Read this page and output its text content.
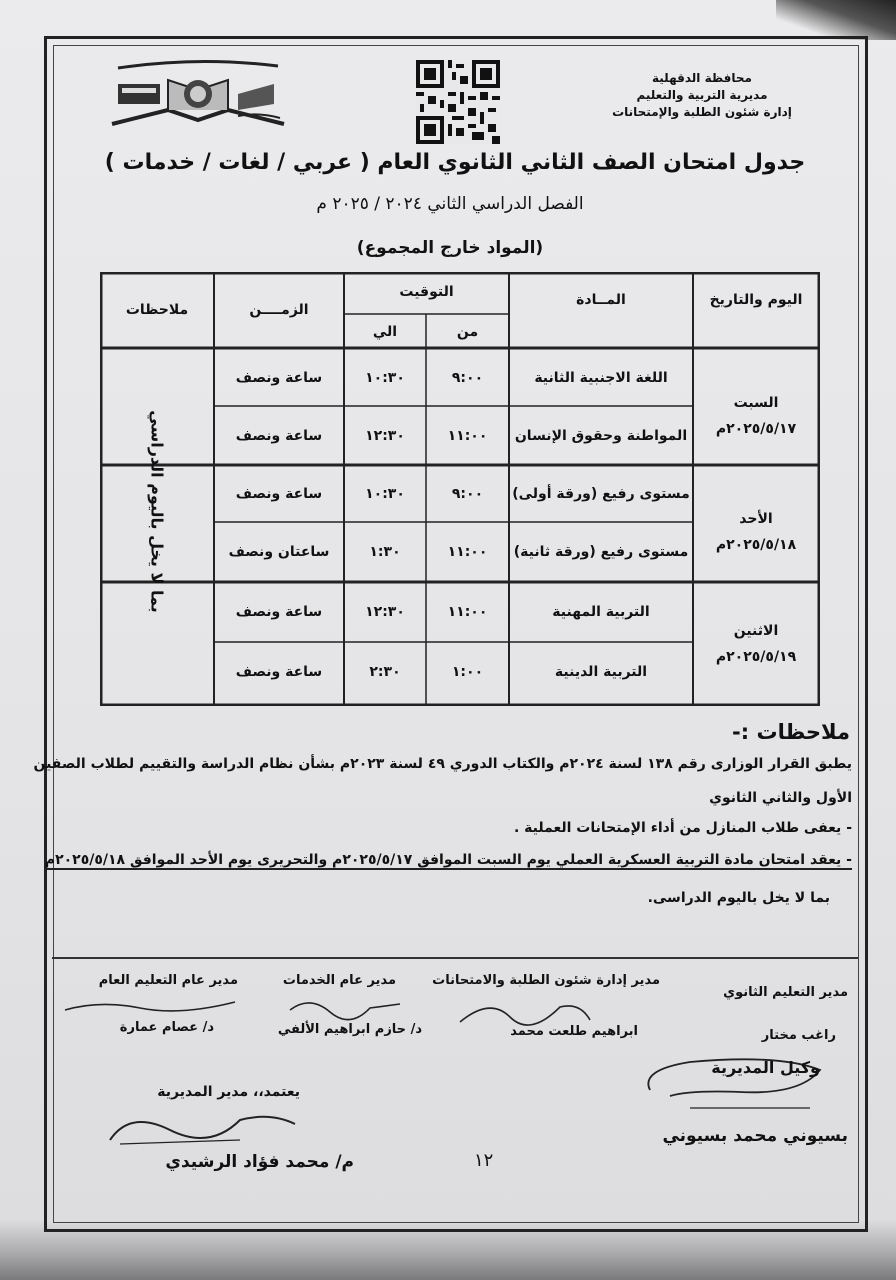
محافظة الدقهلية
مديرية التربية والتعليم
إدارة شئون الطلبة والإمتحانات
جدول امتحان الصف الثاني الثانوي العام ( عربي / لغات / خدمات )
الفصل الدراسي الثاني ٢٠٢٤ / ٢٠٢٥ م
(المواد خارج المجموع)
اليوم والتاريخ
المــادة
التوقيت
من
الي
الزمــــن
ملاحظات
السبت
٢٠٢٥/٥/١٧م
الأحد
٢٠٢٥/٥/١٨م
الاثنين
٢٠٢٥/٥/١٩م
اللغة الاجنبية الثانية
٩:٠٠
١٠:٣٠
ساعة ونصف
المواطنة وحقوق الإنسان
١١:٠٠
١٢:٣٠
ساعة ونصف
مستوى رفيع (ورقة أولى)
٩:٠٠
١٠:٣٠
ساعة ونصف
مستوى رفيع (ورقة ثانية)
١١:٠٠
١:٣٠
ساعتان ونصف
التربية المهنية
١١:٠٠
١٢:٣٠
ساعة ونصف
التربية الدينية
١:٠٠
٢:٣٠
ساعة ونصف
بما لا يخل باليوم الدراسي
ملاحظات :-
يطبق القرار الوزارى رقم ١٣٨ لسنة ٢٠٢٤م والكتاب الدوري ٤٩ لسنة ٢٠٢٣م بشأن نظام الدراسة والتقييم لطلاب الصفين
الأول والثاني الثانوي
- يعفى طلاب المنازل من أداء الإمتحانات العملية .
- يعقد امتحان مادة التربية العسكرية العملي يوم السبت الموافق ٢٠٢٥/٥/١٧م والتحريرى يوم الأحد الموافق ٢٠٢٥/٥/١٨م
بما لا يخل باليوم الدراسى.
مدير التعليم الثانوي
مدير إدارة شئون الطلبة والامتحانات
مدير عام الخدمات
مدير عام التعليم العام
راغب مختار
ابراهيم طلعت محمد
د/ حازم ابراهيم الألفي
د/ عصام عمارة
وكيل المديرية
بسيوني محمد بسيوني
يعتمد،، مدير المديرية
م/ محمد فؤاد الرشيدي	١٢
